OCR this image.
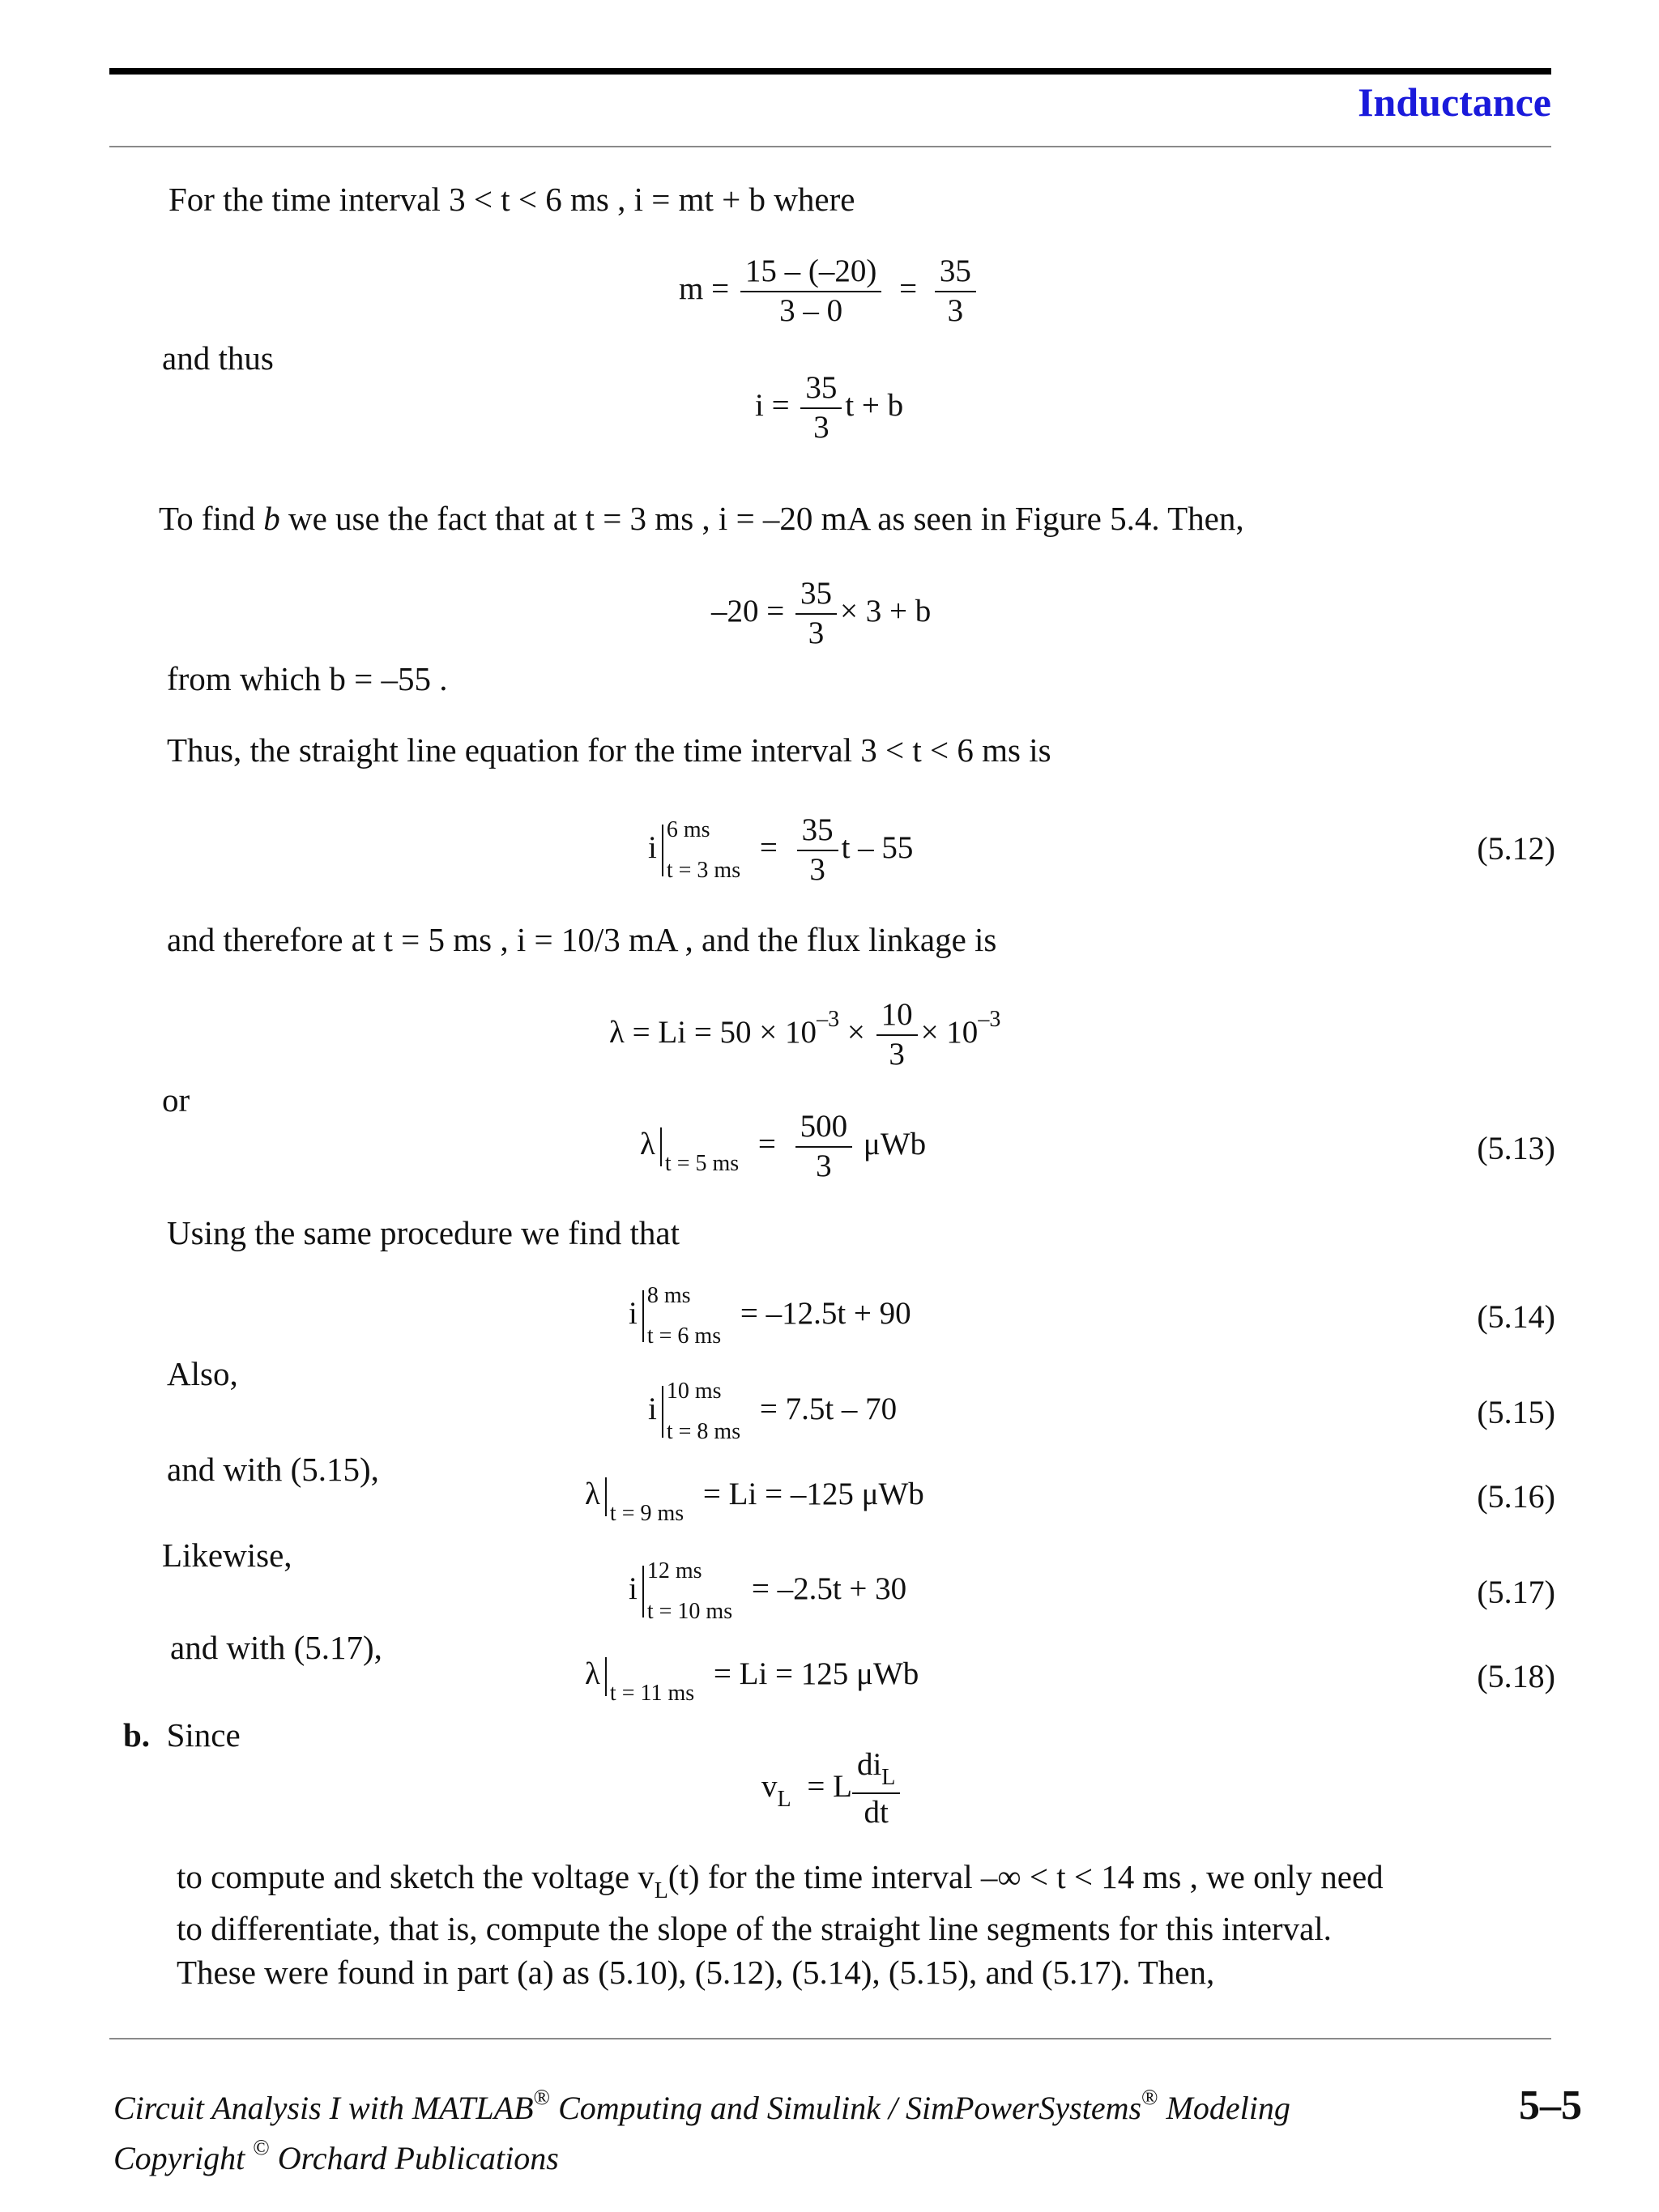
Inductance
For the time interval 3 < t < 6 ms , i = mt + b where
$m = \frac{15 - (-20)}{3 - 0} = \frac{35}{3}$
and thus
$i = \frac{35}{3}$ t + b
To find b we use the fact that at t = 3 ms , i = –20 mA as seen in Figure 5.4. Then,
$-20 = \frac{35}{3} \times 3 + b$
from which b = –55 .
Thus, the straight line equation for the time interval 3 < t < 6 ms is
i
6 ms
t = 3 ms
= $\frac{35}{3}$ t – 55	(5.12)
and therefore at t = 5 ms , i = 10/3 mA , and the flux linkage is
$\lambda = Li = 50 \times 10^{-3} \times \frac{10}{3} \times 10^{-3}$
or
$\lambda_{t = 5 ms} = \frac{500}{3}$ μWb	(5.13)
Using the same procedure we find that
i
8 ms
t = 6 ms
= –12.5t + 90	(5.14)
Also,
i
10 ms
t = 8 ms
= 7.5t – 70	(5.15)
and with (5.15),
$\lambda_{t = 9 ms} = Li = -125$ μWb	(5.16)
Likewise,
i
12 ms
t = 10 ms
= –2.5t + 30	(5.17)
and with (5.17),
$\lambda_{t = 11 ms} = Li = 125$ μWb	(5.18)
b. Since
$v_L = L \frac{di_L}{dt}$
to compute and sketch the voltage $v_L(t)$ for the time interval –∞ < t < 14 ms , we only need
to differentiate, that is, compute the slope of the straight line segments for this interval.
These were found in part (a) as (5.10), (5.12), (5.14), (5.15), and (5.17). Then,
Circuit Analysis I with MATLAB® Computing and Simulink / SimPowerSystems® Modeling
Copyright © Orchard Publications
5–5
